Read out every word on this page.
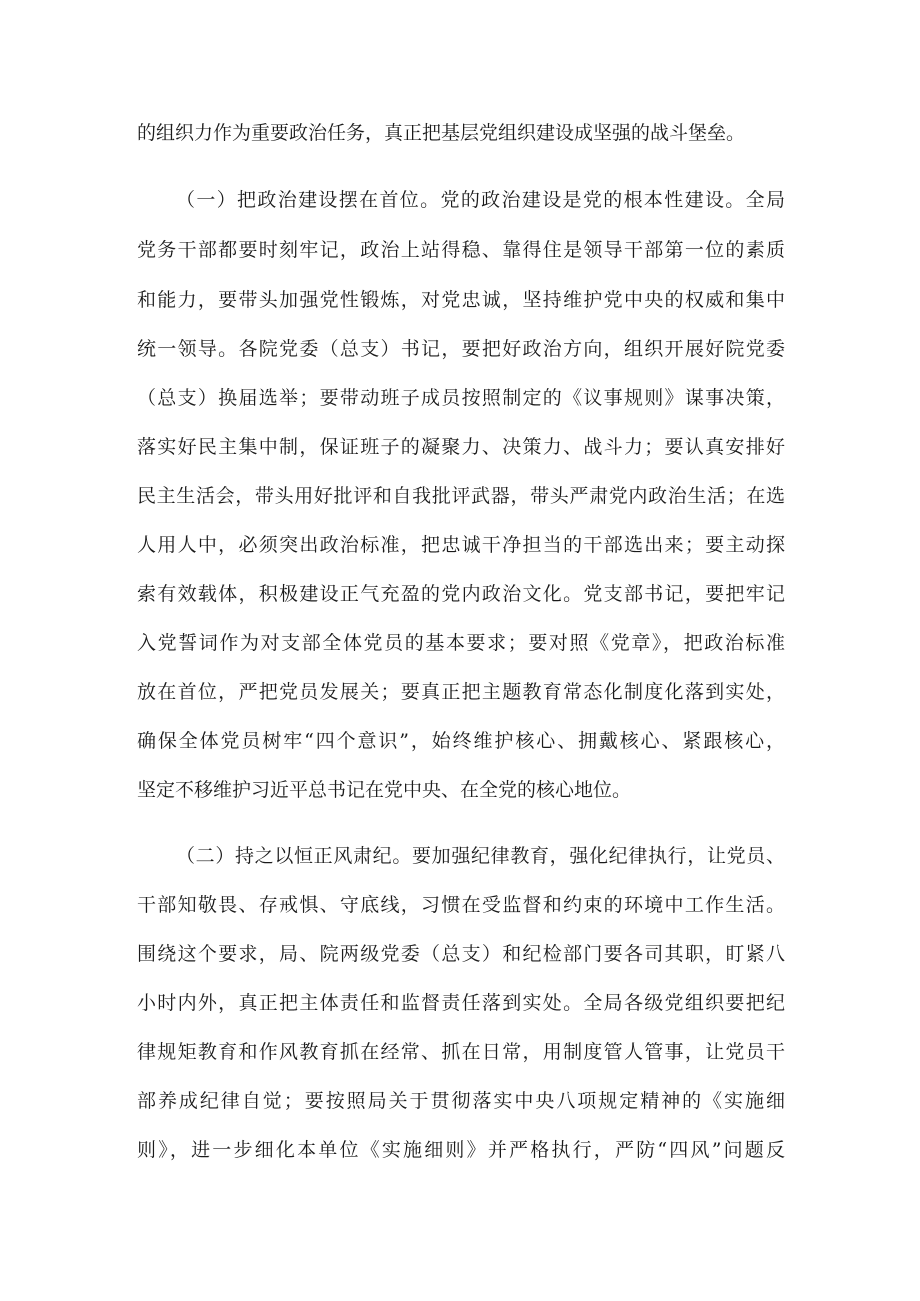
的组织力作为重要政治任务，真正把基层党组织建设成坚强的战斗堡垒。

（一）把政治建设摆在首位。党的政治建设是党的根本性建设。全局

党务干部都要时刻牢记，政治上站得稳、靠得住是领导干部第一位的素质

和能力，要带头加强党性锻炼，对党忠诚，坚持维护党中央的权威和集中

统一领导。各院党委（总支）书记，要把好政治方向，组织开展好院党委

（总支）换届选举；要带动班子成员按照制定的《议事规则》谋事决策，

落实好民主集中制，保证班子的凝聚力、决策力、战斗力；要认真安排好

民主生活会，带头用好批评和自我批评武器，带头严肃党内政治生活；在选

人用人中，必须突出政治标准，把忠诚干净担当的干部选出来；要主动探

索有效载体，积极建设正气充盈的党内政治文化。党支部书记，要把牢记

入党誓词作为对支部全体党员的基本要求；要对照《党章》，把政治标准

放在首位，严把党员发展关；要真正把主题教育常态化制度化落到实处，

确保全体党员树牢“四个意识”，始终维护核心、拥戴核心、紧跟核心，

坚定不移维护习近平总书记在党中央、在全党的核心地位。

（二）持之以恒正风肃纪。要加强纪律教育，强化纪律执行，让党员、

干部知敬畏、存戒惧、守底线，习惯在受监督和约束的环境中工作生活。

围绕这个要求，局、院两级党委（总支）和纪检部门要各司其职，盯紧八

小时内外，真正把主体责任和监督责任落到实处。全局各级党组织要把纪

律规矩教育和作风教育抓在经常、抓在日常，用制度管人管事，让党员干

部养成纪律自觉；要按照局关于贯彻落实中央八项规定精神的《实施细

则》，进一步细化本单位《实施细则》并严格执行，严防“四风”问题反
